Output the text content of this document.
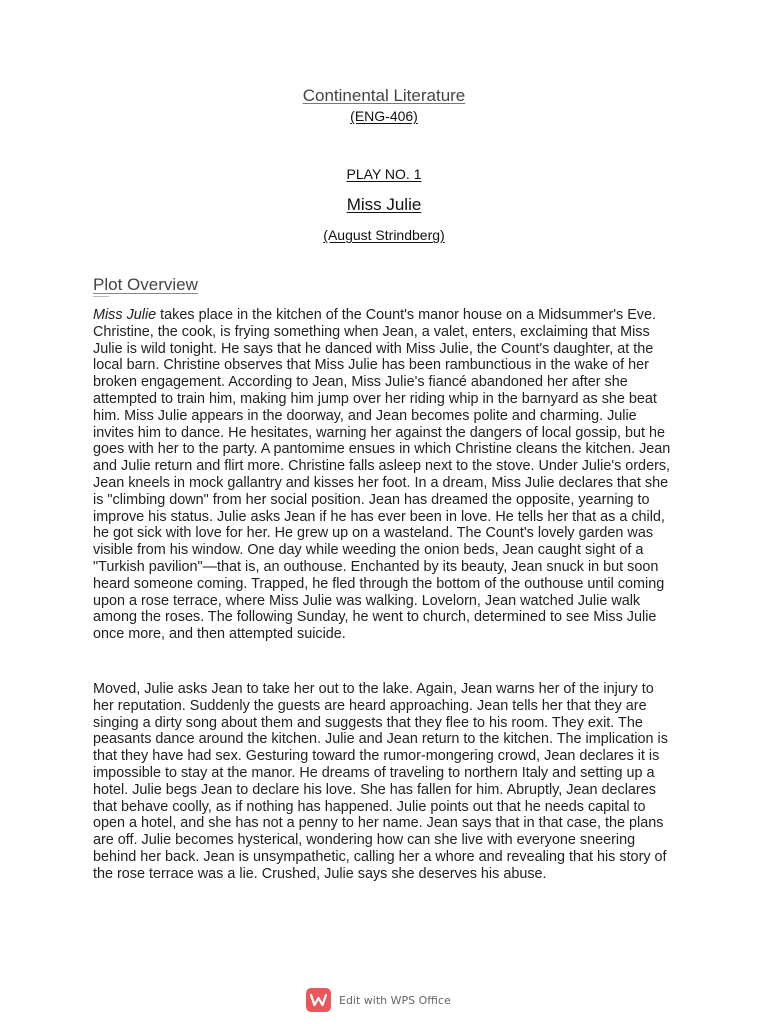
Continental Literature
(ENG-406)
PLAY NO. 1
Miss Julie
(August Strindberg)
Plot Overview

Miss Julie takes place in the kitchen of the Count's manor house on a Midsummer's Eve. Christine, the cook, is frying something when Jean, a valet, enters, exclaiming that Miss Julie is wild tonight. He says that he danced with Miss Julie, the Count's daughter, at the local barn. Christine observes that Miss Julie has been rambunctious in the wake of her broken engagement. According to Jean, Miss Julie's fiancé abandoned her after she attempted to train him, making him jump over her riding whip in the barnyard as she beat him. Miss Julie appears in the doorway, and Jean becomes polite and charming. Julie invites him to dance. He hesitates, warning her against the dangers of local gossip, but he goes with her to the party. A pantomime ensues in which Christine cleans the kitchen. Jean and Julie return and flirt more. Christine falls asleep next to the stove. Under Julie's orders, Jean kneels in mock gallantry and kisses her foot. In a dream, Miss Julie declares that she is "climbing down" from her social position. Jean has dreamed the opposite, yearning to improve his status. Julie asks Jean if he has ever been in love. He tells her that as a child, he got sick with love for her. He grew up on a wasteland. The Count's lovely garden was visible from his window. One day while weeding the onion beds, Jean caught sight of a "Turkish pavilion"—that is, an outhouse. Enchanted by its beauty, Jean snuck in but soon heard someone coming. Trapped, he fled through the bottom of the outhouse until coming upon a rose terrace, where Miss Julie was walking. Lovelorn, Jean watched Julie walk among the roses. The following Sunday, he went to church, determined to see Miss Julie once more, and then attempted suicide.

Moved, Julie asks Jean to take her out to the lake. Again, Jean warns her of the injury to her reputation. Suddenly the guests are heard approaching. Jean tells her that they are singing a dirty song about them and suggests that they flee to his room. They exit. The peasants dance around the kitchen. Julie and Jean return to the kitchen. The implication is that they have had sex. Gesturing toward the rumor-mongering crowd, Jean declares it is impossible to stay at the manor. He dreams of traveling to northern Italy and setting up a hotel. Julie begs Jean to declare his love. She has fallen for him. Abruptly, Jean declares that behave coolly, as if nothing has happened. Julie points out that he needs capital to open a hotel, and she has not a penny to her name. Jean says that in that case, the plans are off. Julie becomes hysterical, wondering how can she live with everyone sneering behind her back. Jean is unsympathetic, calling her a whore and revealing that his story of the rose terrace was a lie. Crushed, Julie says she deserves his abuse.

Edit with WPS Office
